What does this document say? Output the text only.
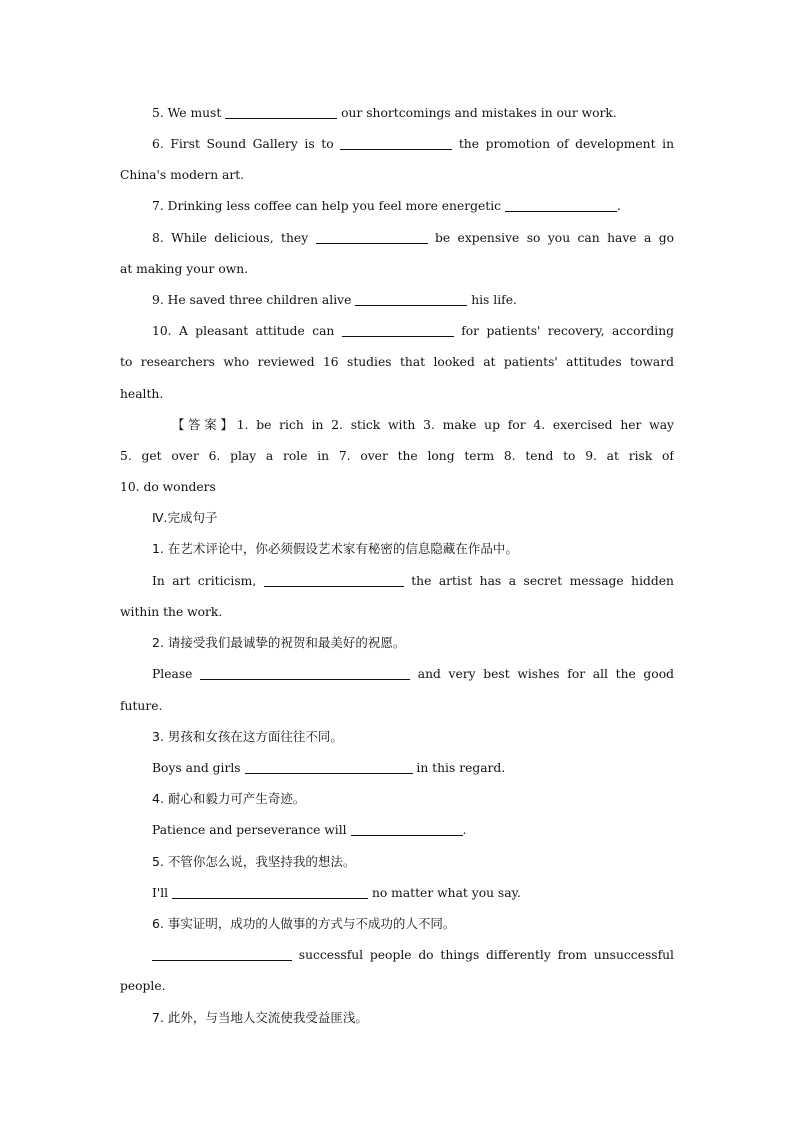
5. We must	our shortcomings and mistakes in our work.
6. First Sound Gallery is to	the promotion of development in
China's modern art.
7. Drinking less coffee can help you feel more energetic	.
8. While delicious, they	be expensive so you can have a go
at making your own.
9. He saved three children alive	his life.
10. A pleasant attitude can	for patients' recovery, according
to researchers who reviewed 16 studies that looked at patients' attitudes toward
health.
【答案】1. be rich in 2. stick with 3. make up for 4. exercised her way
5. get over 6. play a role in 7. over the long term 8. tend to 9. at risk of
10. do wonders
Ⅳ.完成句子
1. 在艺术评论中，你必须假设艺术家有秘密的信息隐藏在作品中。
In art criticism,	the artist has a secret message hidden
within the work.
2. 请接受我们最诚挚的祝贺和最美好的祝愿。
Please	and very best wishes for all the good
future.
3. 男孩和女孩在这方面往往不同。
Boys and girls	in this regard.
4. 耐心和毅力可产生奇迹。
Patience and perseverance will	.
5. 不管你怎么说，我坚持我的想法。
I'll	no matter what you say.
6. 事实证明，成功的人做事的方式与不成功的人不同。
successful people do things differently from unsuccessful
people.
7. 此外，与当地人交流使我受益匪浅。
